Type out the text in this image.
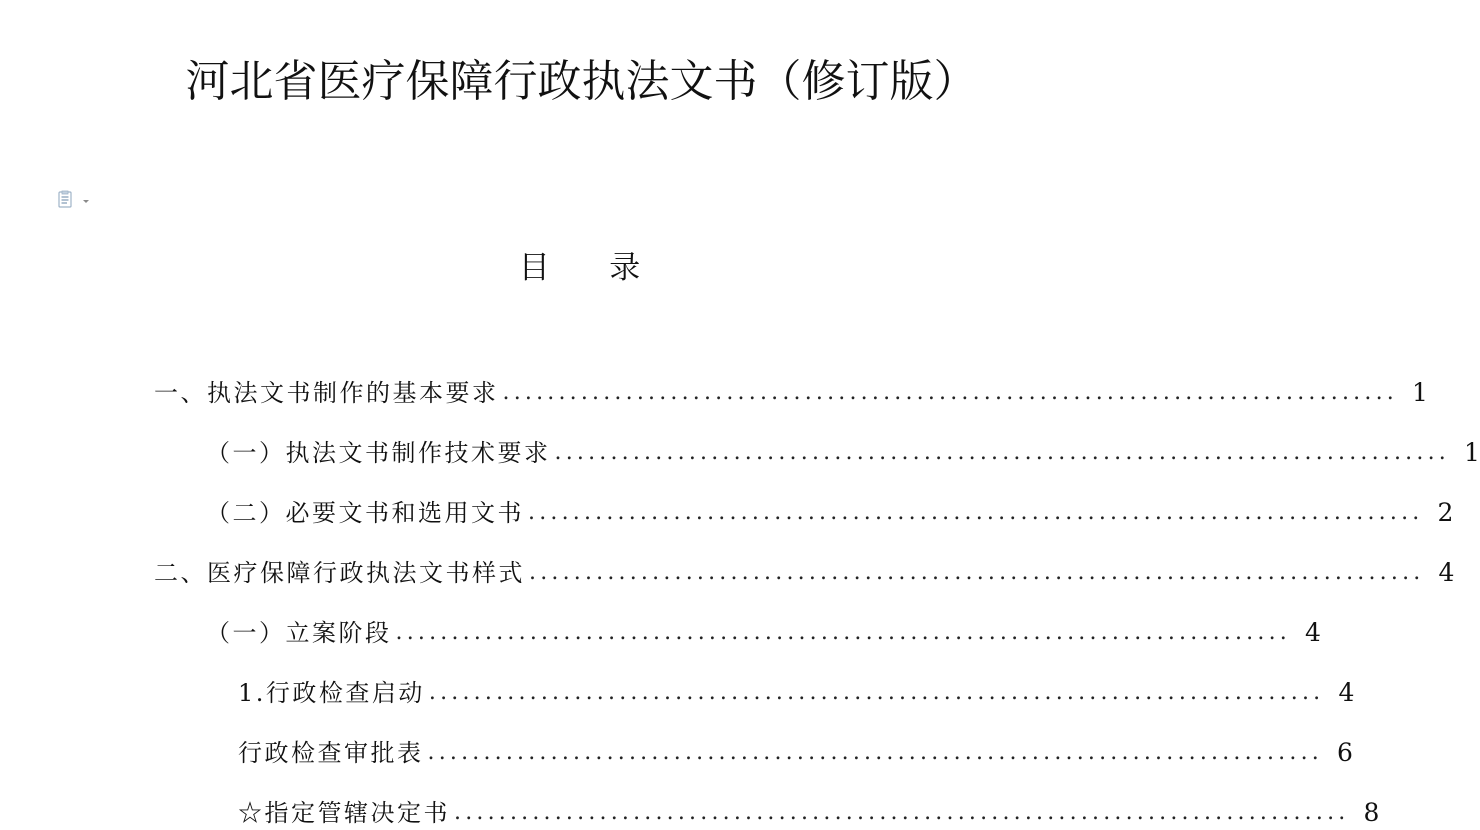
河北省医疗保障行政执法文书（修订版）
目    录
一、执法文书制作的基本要求 ................................................................................ 1
（一）执法文书制作技术要求 ................................................................................ 1
（二）必要文书和选用文书 ................................................................................ 2
二、医疗保障行政执法文书样式 ................................................................................ 4
（一）立案阶段 ................................................................................ 4
1.行政检查启动 ................................................................................ 4
行政检查审批表 ................................................................................ 6
☆指定管辖决定书 ................................................................................ 8
